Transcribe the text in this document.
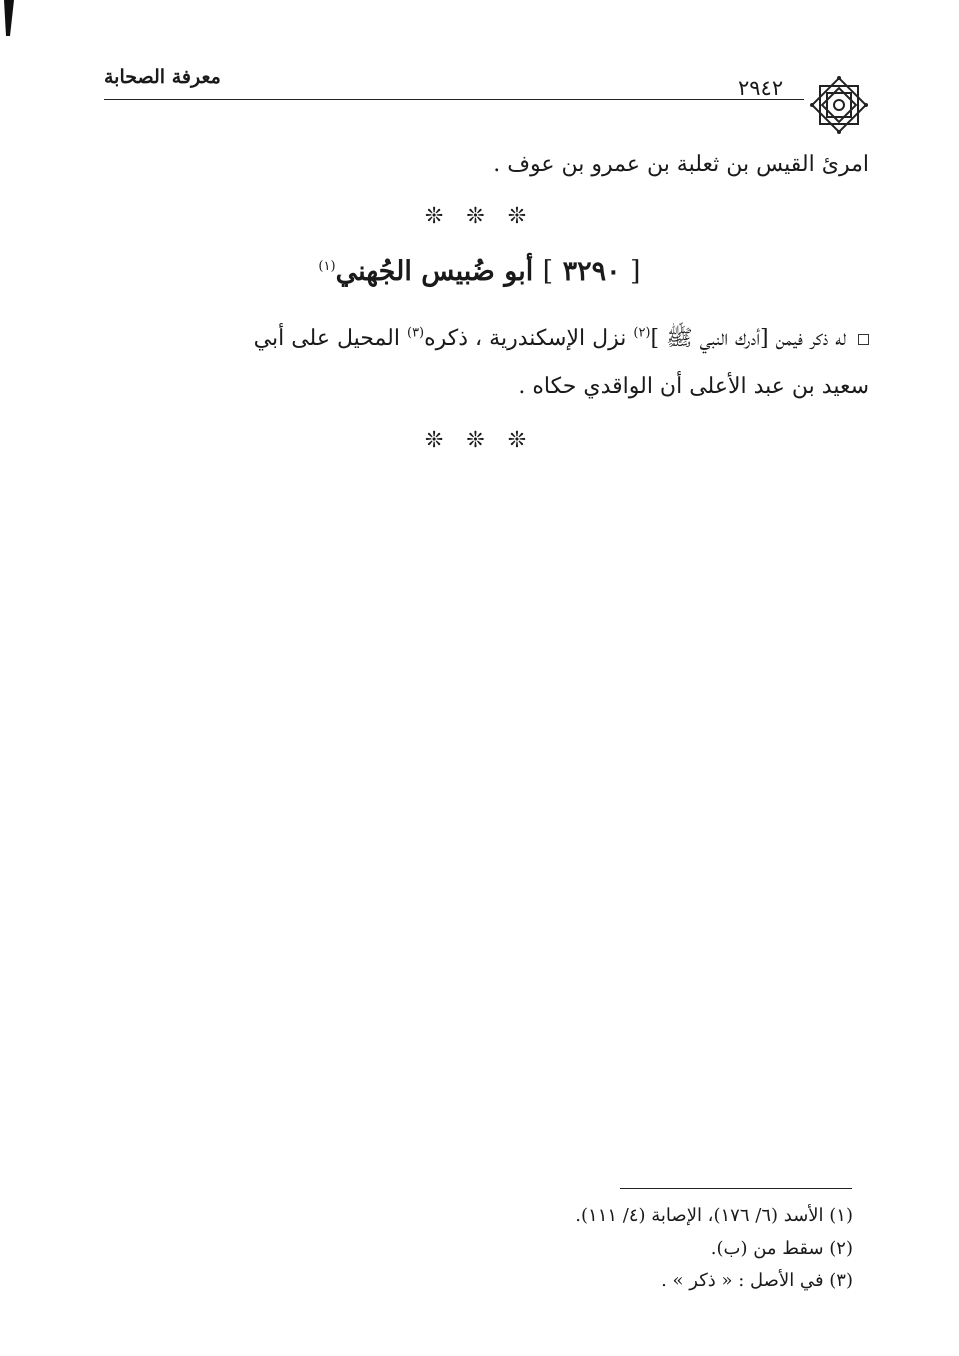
معرفة الصحابة	٢٩٤٢
امرئ القيس بن ثعلبة بن عمرو بن عوف .
❊ ❊ ❊
[ ٣٢٩٠ ] أبو ضُبيس الجُهني$^{(١)}$
له ذكر فيمن [أدرك النبي ﷺ ]$^{(٢)}$ نزل الإسكندرية ، ذكره$^{(٣)}$ المحيل على أبي
سعيد بن عبد الأعلى أن الواقدي حكاه .
❊ ❊ ❊
(١) الأسد (٦/ ١٧٦)، الإصابة (٤/ ١١١).
(٢) سقط من (ب).
(٣) في الأصل : « ذكر » .
